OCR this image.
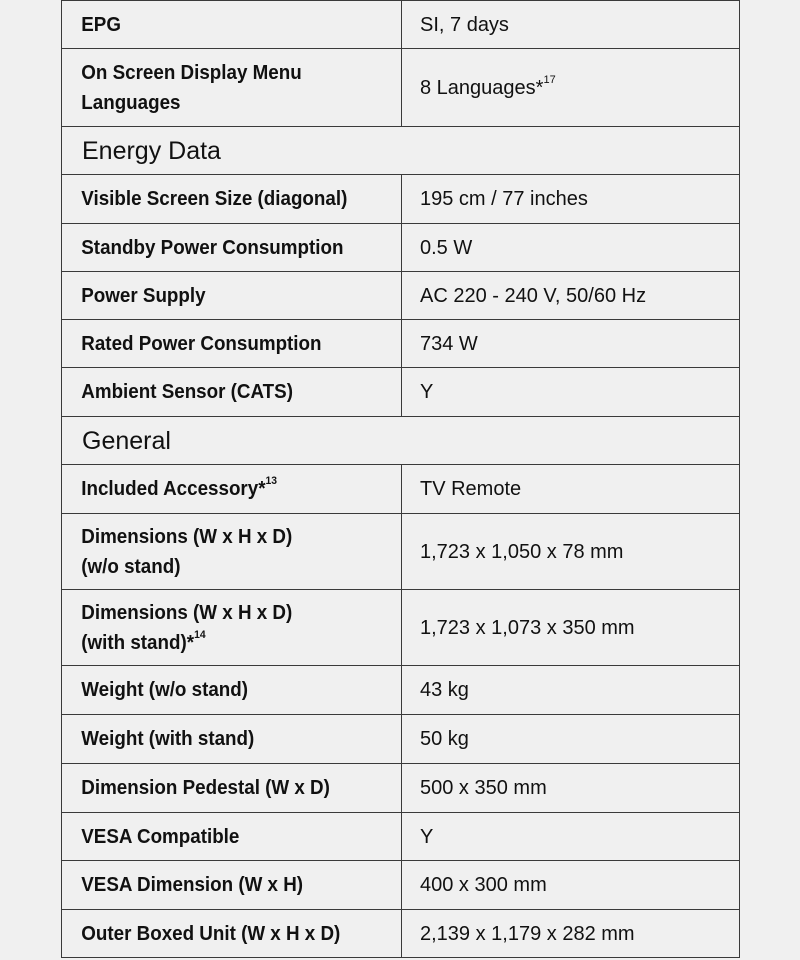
EPG	SI, 7 days
On Screen Display Menu
Languages	8 Languages*$^{17}$
Energy Data	
Visible Screen Size (diagonal)	195 cm / 77 inches
Standby Power Consumption	0.5 W
Power Supply	AC 220 - 240 V, 50/60 Hz
Rated Power Consumption	734 W
Ambient Sensor (CATS)	Y
General	
Included Accessory*$^{13}$	TV Remote
Dimensions (W x H x D)
(w/o stand)	1,723 x 1,050 x 78 mm
Dimensions (W x H x D)
(with stand)*$^{14}$	1,723 x 1,073 x 350 mm
Weight (w/o stand)	43 kg
Weight (with stand)	50 kg
Dimension Pedestal (W x D)	500 x 350 mm
VESA Compatible	Y
VESA Dimension (W x H)	400 x 300 mm
Outer Boxed Unit (W x H x D)	2,139 x 1,179 x 282 mm
